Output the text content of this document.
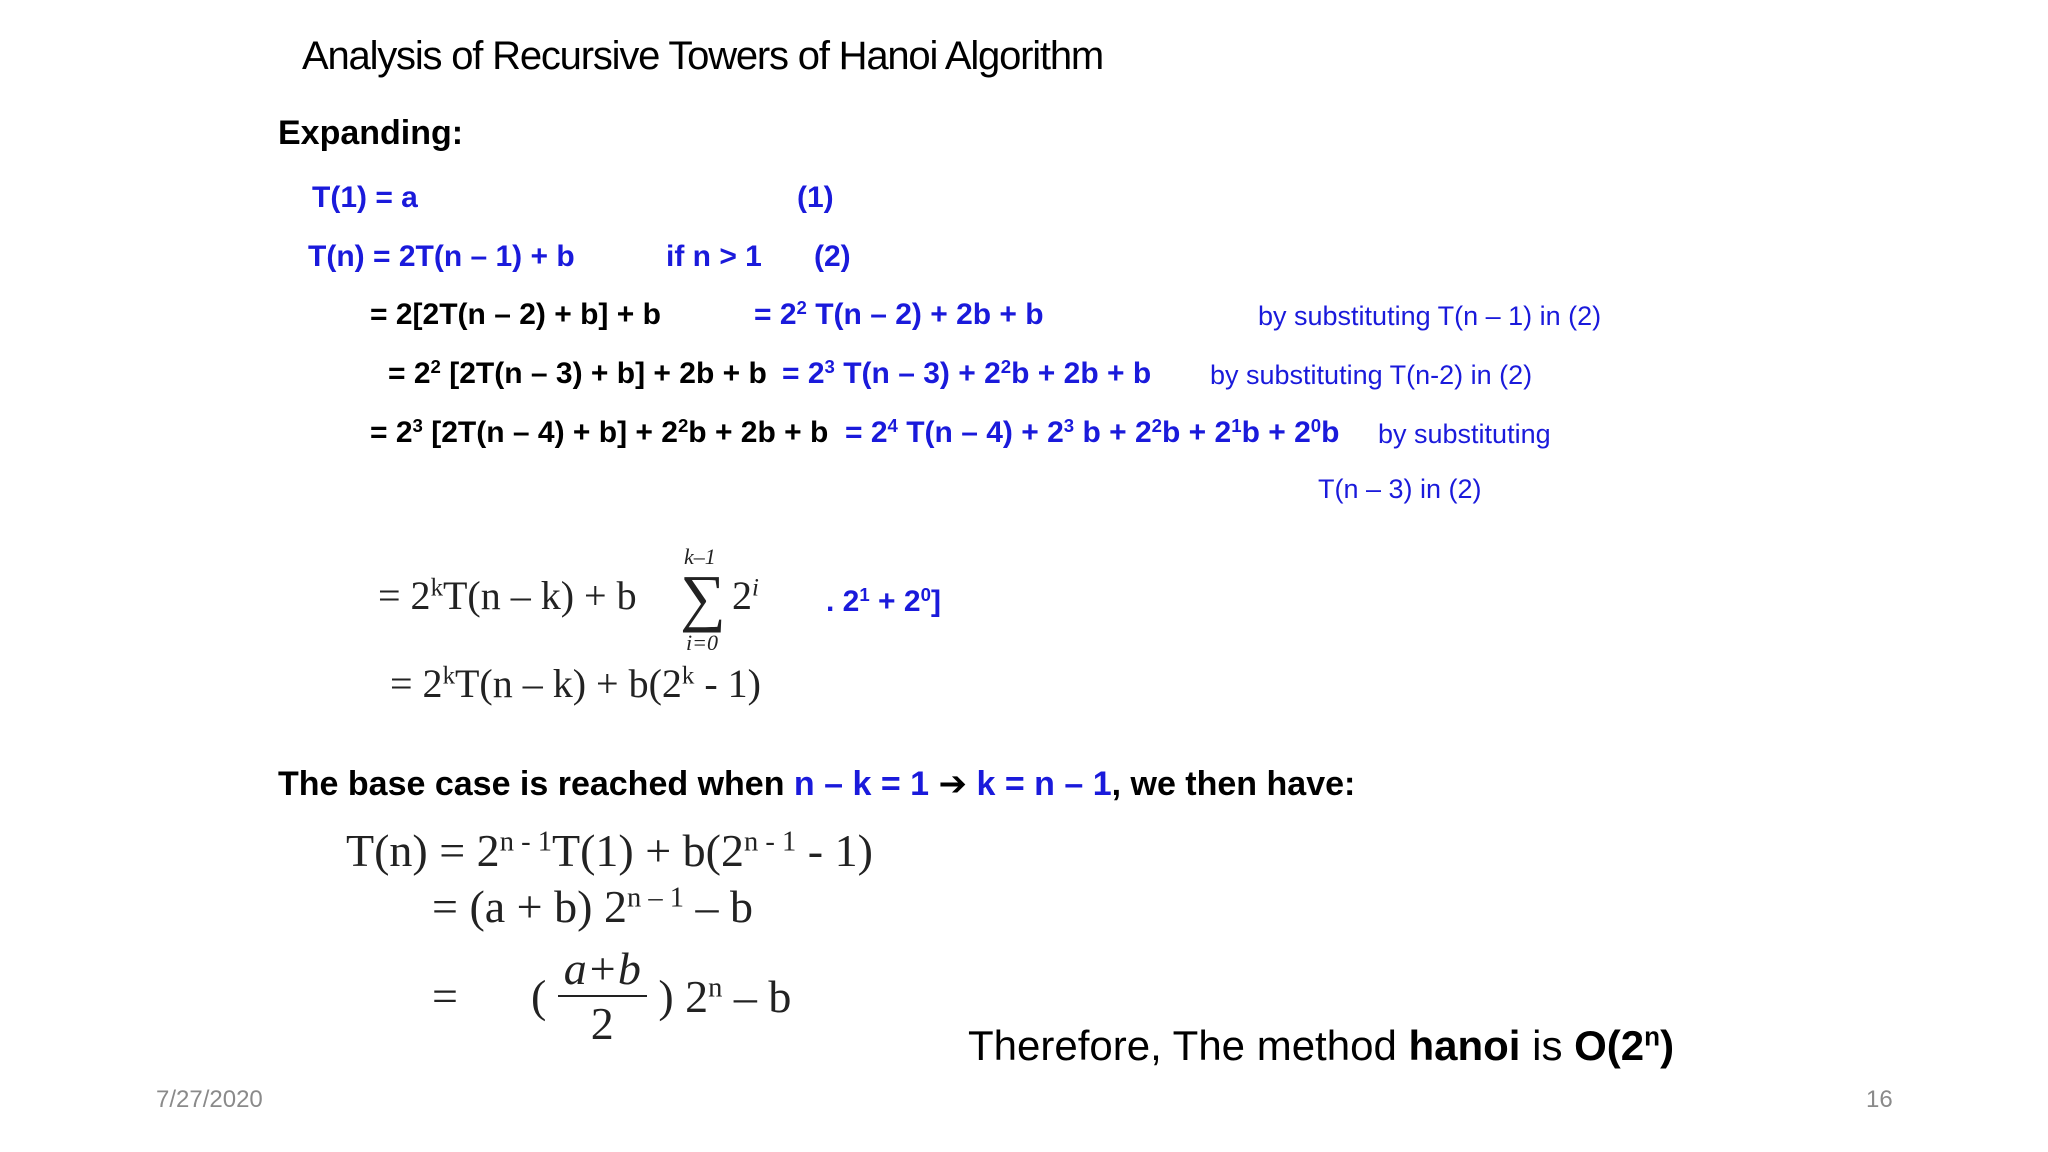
Analysis of Recursive Towers of Hanoi Algorithm
Expanding:
T(1) = a	(1)
T(n) = 2T(n – 1) + b	if n > 1 (2)
= 2[2T(n – 2) + b] + b	= $2^2$ T(n – 2) + 2b + b	by substituting T(n – 1) in (2)
= $2^2$ $[2T(n - 3) + b] + 2b + b = 2^3$ $T(n - 3) + 2^2b + 2b + b$ by substituting T(n-2) in (2)
= $2^3$ $[2T(n - 4) + b] + 2^2b + 2b + b = 2^4$ $T(n - 4) + 2^3$ $b + 2^2b + 2^1b + 2^0b$ by substituting
T(n – 3) in (2)
= $2^kT(n - k) + b$
k–1
∑
i=0
2$^i$ . $2^1 + 2^0$]
= $2^kT(n - k) + b(2^k - 1)$
The base case is reached when n – k = 1 ➔ k = n – 1, we then have:
$T(n) = 2^{n - 1}T(1) + b(2^{n - 1} - 1)$
= (a + b) 2$^{n - 1}$ – b
= ( $\frac{a+b}{2}$ ) 2$^n$ – b
Therefore, The method hanoi is O(2$^n$)
7/27/2020	16
